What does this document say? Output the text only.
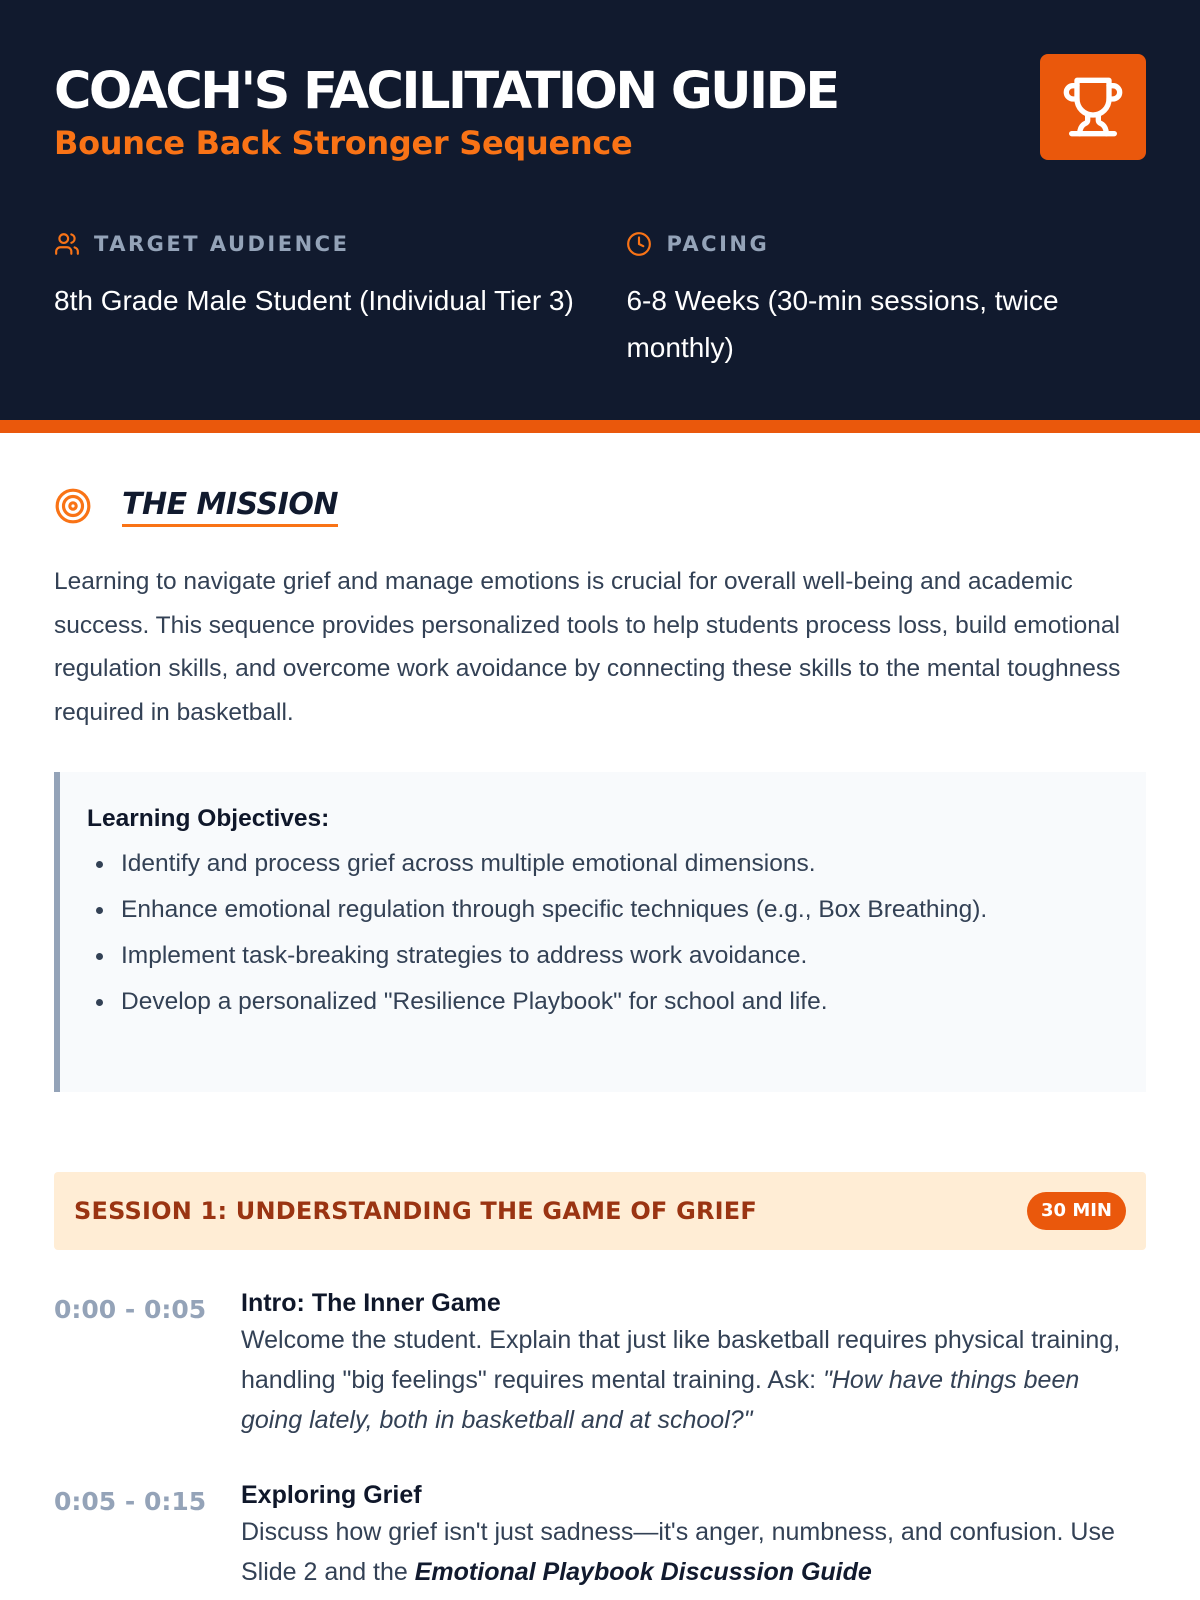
COACH'S FACILITATION GUIDE
Bounce Back Stronger Sequence
TARGET AUDIENCE
8th Grade Male Student (Individual Tier 3)
PACING
6-8 Weeks (30-min sessions, twice monthly)
THE MISSION

Learning to navigate grief and manage emotions is crucial for overall well-being and academic success. This sequence provides personalized tools to help students process loss, build emotional regulation skills, and overcome work avoidance by connecting these skills to the mental toughness required in basketball.

Learning Objectives:
Identify and process grief across multiple emotional dimensions.
Enhance emotional regulation through specific techniques (e.g., Box Breathing).
Implement task-breaking strategies to address work avoidance.
Develop a personalized "Resilience Playbook" for school and life.
SESSION 1: UNDERSTANDING THE GAME OF GRIEF	30 MIN
0:00 - 0:05	Intro: The Inner Game
Welcome the student. Explain that just like basketball requires physical training, handling "big feelings" requires mental training. Ask: "How have things been going lately, both in basketball and at school?"
0:05 - 0:15	Exploring Grief
Discuss how grief isn't just sadness—it's anger, numbness, and confusion. Use Slide 2 and the Emotional Playbook Discussion Guide
